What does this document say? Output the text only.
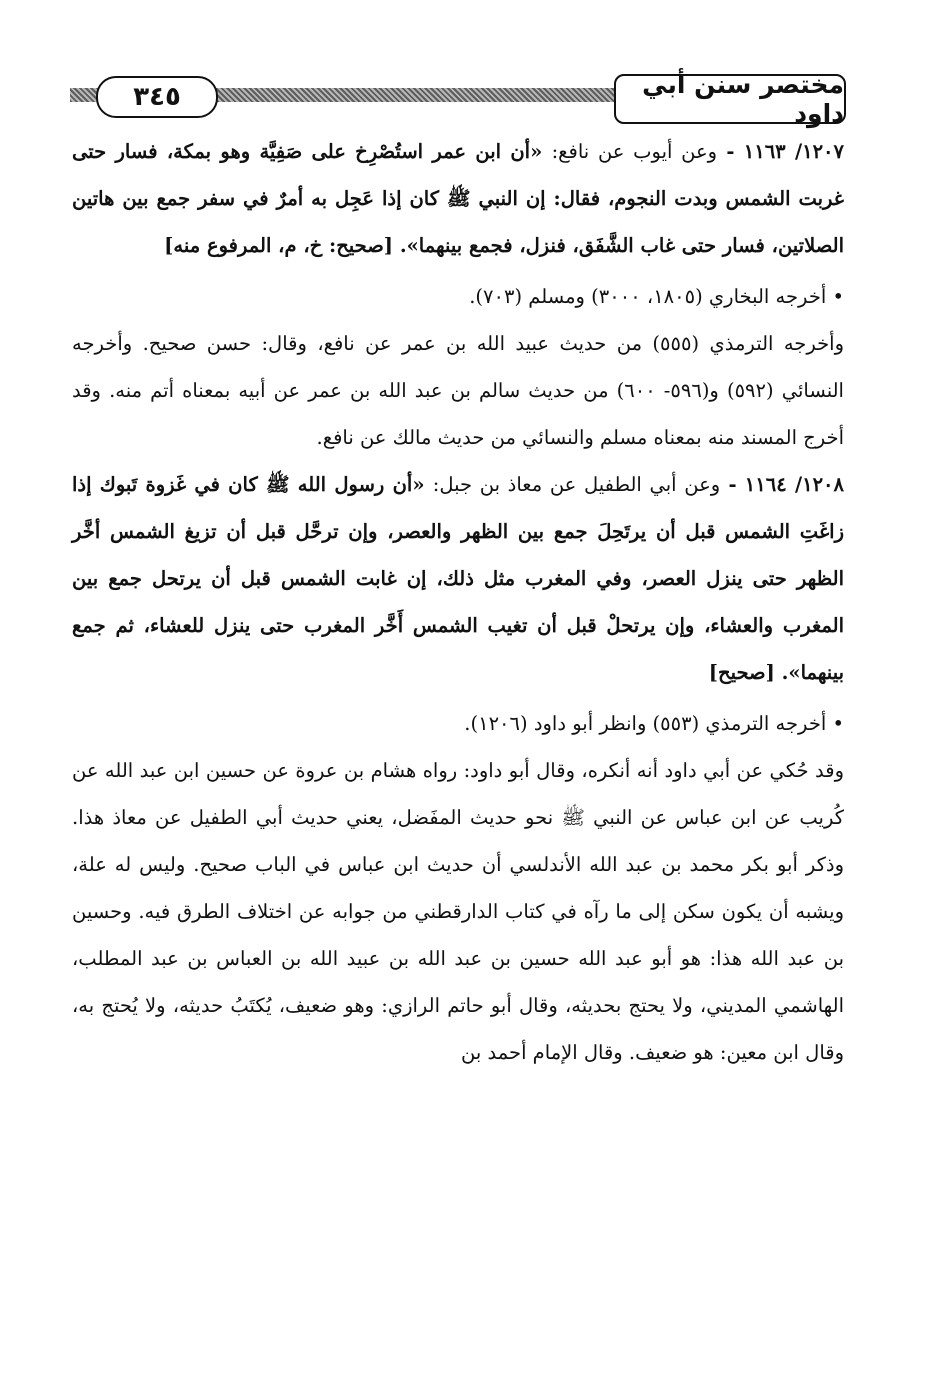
٣٤٥	مختصر سنن أبي داود

١٢٠٧/ ١١٦٣ - وعن أيوب عن نافع: «أن ابن عمر استُصْرِخ على صَفِيَّة وهو بمكة، فسار حتى غربت الشمس وبدت النجوم، فقال: إن النبي ﷺ كان إذا عَجِل به أمرٌ في سفر جمع بين هاتين الصلاتين، فسار حتى غاب الشَّفَق، فنزل، فجمع بينهما». [صحيح: خ، م، المرفوع منه]

• أخرجه البخاري (١٨٠٥، ٣٠٠٠) ومسلم (٧٠٣).

وأخرجه الترمذي (٥٥٥) من حديث عبيد الله بن عمر عن نافع، وقال: حسن صحيح. وأخرجه النسائي (٥٩٢) و(٥٩٦- ٦٠٠) من حديث سالم بن عبد الله بن عمر عن أبيه بمعناه أتم منه. وقد أخرج المسند منه بمعناه مسلم والنسائي من حديث مالك عن نافع.

١٢٠٨/ ١١٦٤ - وعن أبي الطفيل عن معاذ بن جبل: «أن رسول الله ﷺ كان في غَزوة تَبوك إذا زاغَتِ الشمس قبل أن يرتَحِلَ جمع بين الظهر والعصر، وإن ترحَّل قبل أن تزيغ الشمس أخَّر الظهر حتى ينزل العصر، وفي المغرب مثل ذلك، إن غابت الشمس قبل أن يرتحل جمع بين المغرب والعشاء، وإن يرتحلْ قبل أن تغيب الشمس أَخَّر المغرب حتى ينزل للعشاء، ثم جمع بينهما». [صحيح]

• أخرجه الترمذي (٥٥٣) وانظر أبو داود (١٢٠٦).

وقد حُكي عن أبي داود أنه أنكره، وقال أبو داود: رواه هشام بن عروة عن حسين ابن عبد الله عن كُريب عن ابن عباس عن النبي ﷺ نحو حديث المفَضل، يعني حديث أبي الطفيل عن معاذ هذا. وذكر أبو بكر محمد بن عبد الله الأندلسي أن حديث ابن عباس في الباب صحيح. وليس له علة، ويشبه أن يكون سكن إلى ما رآه في كتاب الدارقطني من جوابه عن اختلاف الطرق فيه. وحسين بن عبد الله هذا: هو أبو عبد الله حسين بن عبد الله بن عبيد الله بن العباس بن عبد المطلب، الهاشمي المديني، ولا يحتج بحديثه، وقال أبو حاتم الرازي: وهو ضعيف، يُكتَبُ حديثه، ولا يُحتج به، وقال ابن معين: هو ضعيف. وقال الإمام أحمد بن
